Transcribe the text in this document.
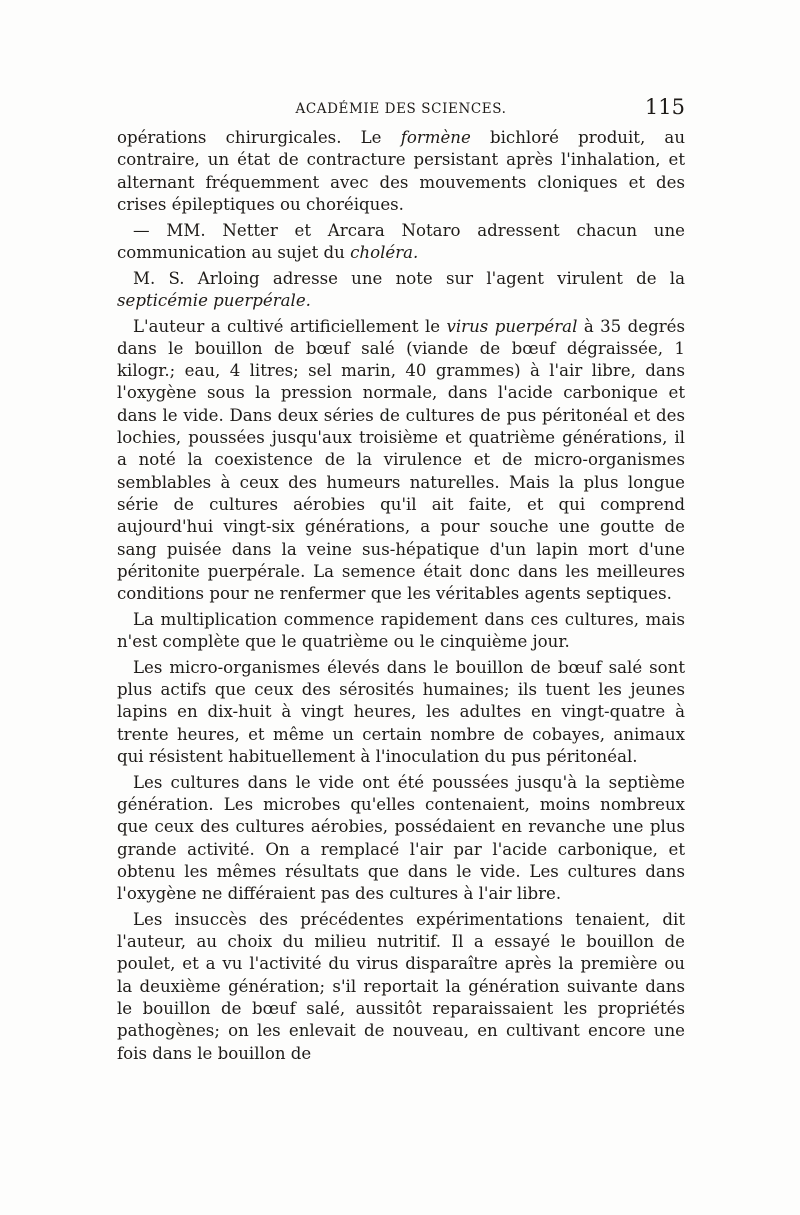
ACADÉMIE DES SCIENCES.	115

opérations chirurgicales. Le formène bichloré produit, au contraire, un état de contracture persistant après l'inhalation, et alternant fréquemment avec des mouvements cloniques et des crises épileptiques ou choréiques.

— MM. Netter et Arcara Notaro adressent chacun une communication au sujet du choléra.

M. S. Arloing adresse une note sur l'agent virulent de la septicémie puerpérale.

L'auteur a cultivé artificiellement le virus puerpéral à 35 degrés dans le bouillon de bœuf salé (viande de bœuf dégraissée, 1 kilogr.; eau, 4 litres; sel marin, 40 grammes) à l'air libre, dans l'oxygène sous la pression normale, dans l'acide carbonique et dans le vide. Dans deux séries de cultures de pus péritonéal et des lochies, poussées jusqu'aux troisième et quatrième générations, il a noté la coexistence de la virulence et de micro-organismes semblables à ceux des humeurs naturelles. Mais la plus longue série de cultures aérobies qu'il ait faite, et qui comprend aujourd'hui vingt-six générations, a pour souche une goutte de sang puisée dans la veine sus-hépatique d'un lapin mort d'une péritonite puerpérale. La semence était donc dans les meilleures conditions pour ne renfermer que les véritables agents septiques.

La multiplication commence rapidement dans ces cultures, mais n'est complète que le quatrième ou le cinquième jour.

Les micro-organismes élevés dans le bouillon de bœuf salé sont plus actifs que ceux des sérosités humaines; ils tuent les jeunes lapins en dix-huit à vingt heures, les adultes en vingt-quatre à trente heures, et même un certain nombre de cobayes, animaux qui résistent habituellement à l'inoculation du pus péritonéal.

Les cultures dans le vide ont été poussées jusqu'à la septième génération. Les microbes qu'elles contenaient, moins nombreux que ceux des cultures aérobies, possédaient en revanche une plus grande activité. On a remplacé l'air par l'acide carbonique, et obtenu les mêmes résultats que dans le vide. Les cultures dans l'oxygène ne différaient pas des cultures à l'air libre.

Les insuccès des précédentes expérimentations tenaient, dit l'auteur, au choix du milieu nutritif. Il a essayé le bouillon de poulet, et a vu l'activité du virus disparaître après la première ou la deuxième génération; s'il reportait la génération suivante dans le bouillon de bœuf salé, aussitôt reparaissaient les propriétés pathogènes; on les enlevait de nouveau, en cultivant encore une fois dans le bouillon de
